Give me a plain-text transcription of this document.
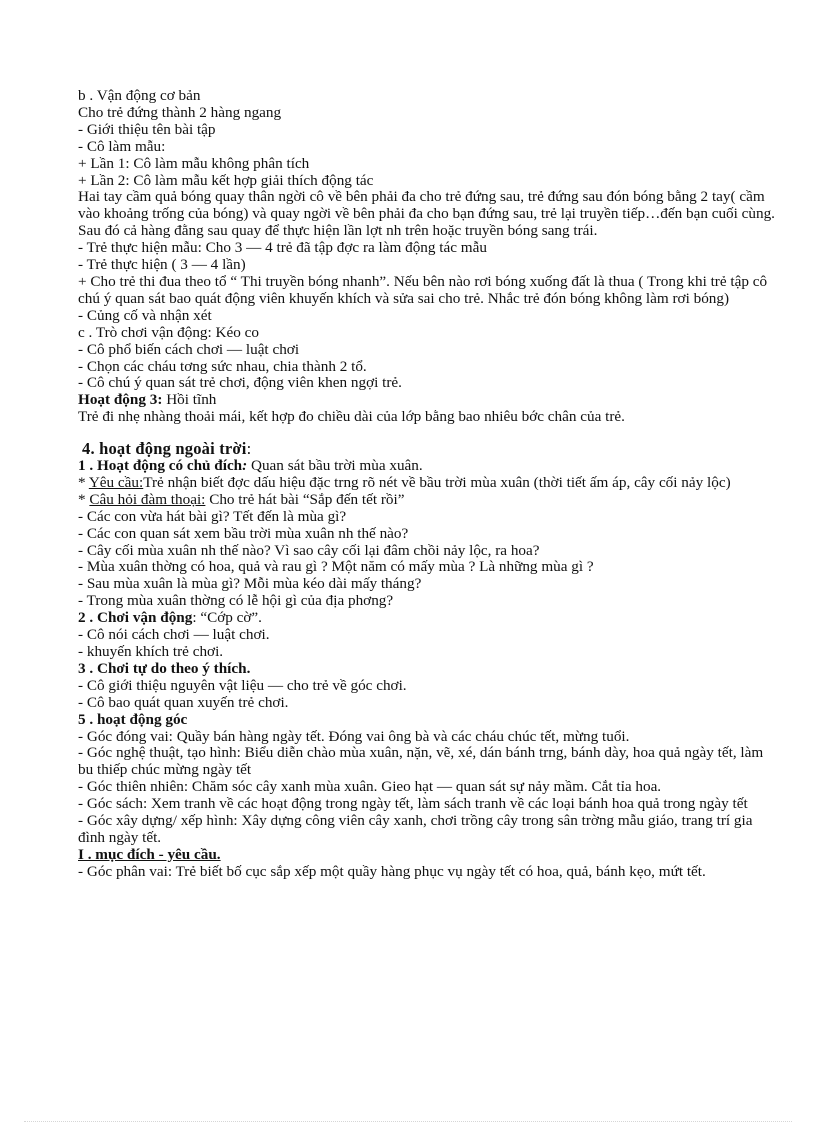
b . Vận động cơ bản
Cho trẻ đứng thành 2 hàng ngang
- Giới thiệu tên bài tập
- Cô làm mẫu:
+ Lần 1: Cô làm mẫu không phân tích
+ Lần 2: Cô làm mẫu kết hợp giải thích động tác
Hai tay cầm quả bóng quay thân ngời cô về bên phải đa cho trẻ đứng sau, trẻ đứng sau đón bóng bằng 2 tay( cầm vào khoảng trống của bóng) và quay ngời về bên phải đa cho bạn đứng sau, trẻ lại truyền tiếp…đến bạn cuối cùng.
Sau đó cả hàng đằng sau quay để thực hiện lần lợt nh trên hoặc truyền bóng sang trái.
- Trẻ thực hiện mẫu: Cho 3 — 4 trẻ đã tập đợc ra làm động tác mẫu
- Trẻ thực hiện ( 3 — 4 lần)
+ Cho trẻ thi đua theo tổ “ Thi truyền bóng nhanh”. Nếu bên nào rơi bóng xuống đất là thua ( Trong khi trẻ tập cô chú ý quan sát bao quát động viên khuyến khích và sửa sai cho trẻ. Nhắc trẻ đón bóng không làm rơi bóng)
- Củng cố và nhận xét
c . Trò chơi vận động: Kéo co
- Cô phổ biến cách chơi — luật chơi
- Chọn các cháu tơng sức nhau, chia thành 2 tổ.
- Cô chú ý quan sát trẻ chơi, động viên khen ngợi trẻ.
Hoạt động 3: Hồi tĩnh
Trẻ đi nhẹ nhàng thoải mái, kết hợp đo chiều dài của lớp bằng bao nhiêu bớc chân của trẻ.
4. hoạt động ngoài trời:
1 . Hoạt động có chủ đích: Quan sát bầu trời mùa xuân.
* Yêu cầu:Trẻ nhận biết đợc dấu hiệu đặc trng rõ nét về bầu trời mùa xuân (thời tiết ấm áp, cây cối nảy lộc)
* Câu hỏi đàm thoại: Cho trẻ hát bài “Sắp đến tết rồi”
- Các con vừa hát bài gì? Tết đến là mùa gì?
- Các con quan sát xem bầu trời mùa xuân nh thế nào?
- Cây cối mùa xuân nh thế nào? Vì sao cây cối lại đâm chồi nảy lộc, ra hoa?
- Mùa xuân thờng có hoa, quả và rau gì ? Một năm có mấy mùa ? Là những mùa gì ?
- Sau mùa xuân là mùa gì? Mỗi mùa kéo dài mấy tháng?
- Trong mùa xuân thờng có lễ hội gì của địa phơng?
2 . Chơi vận động: “Cớp cờ”.
- Cô nói cách chơi — luật chơi.
- khuyến khích trẻ chơi.
3 . Chơi tự do theo ý thích.
- Cô giới thiệu nguyên vật liệu — cho trẻ về góc chơi.
- Cô bao quát quan xuyến trẻ chơi.
5 . hoạt động góc
- Góc đóng vai: Quầy bán hàng ngày tết. Đóng vai ông bà và các cháu chúc tết, mừng tuổi.
- Góc nghệ thuật, tạo hình: Biểu diễn chào mùa xuân, nặn, vẽ, xé, dán bánh trng, bánh dày, hoa quả ngày tết, làm bu thiếp chúc mừng ngày tết
- Góc thiên nhiên: Chăm sóc cây xanh mùa xuân. Gieo hạt — quan sát sự nảy mầm. Cắt tỉa hoa.
- Góc sách: Xem tranh về các hoạt động trong ngày tết, làm sách tranh về các loại bánh hoa quả trong ngày tết
- Góc xây dựng/ xếp hình: Xây dựng công viên cây xanh, chơi trồng cây trong sân trờng mẫu giáo, trang trí gia đình ngày tết.
I . mục đích - yêu cầu.
- Góc phân vai: Trẻ biết bố cục sắp xếp một quầy hàng phục vụ ngày tết có hoa, quả, bánh kẹo, mứt tết.
